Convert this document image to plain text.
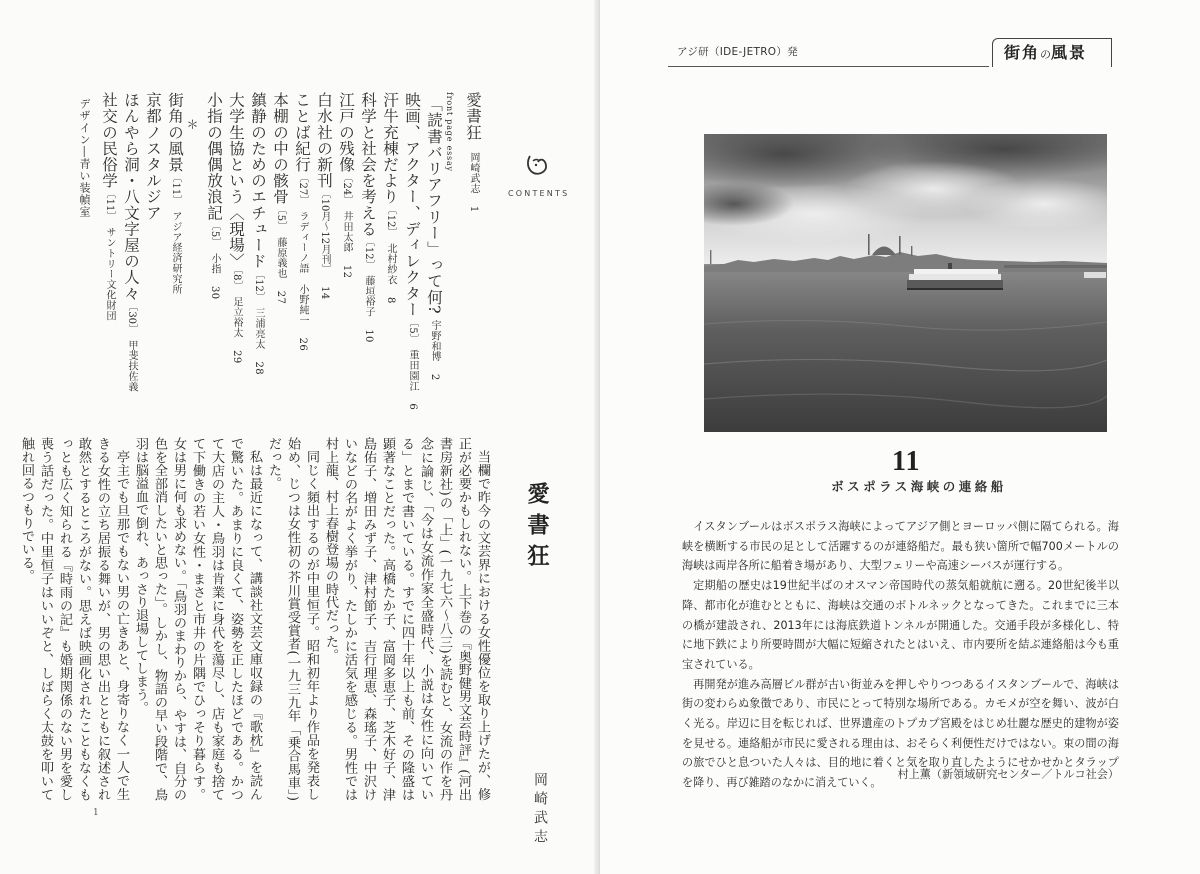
CONTENTS
愛書狂岡崎武志1
front page essay
「読書バリアフリー」って何?宇野和博2
映画、アクター、ディレクター〔5〕重田園江6
汗牛充棟だより〔12〕北村紗衣8
科学と社会を考える〔12〕藤垣裕子10
江戸の残像〔24〕井田太郎12
白水社の新刊〔10月〜12月刊〕14
ことば紀行〔27〕ラディーノ語　小野純一26
本棚の中の骸骨〔5〕藤原義也27
鎮静のためのエチュード〔12〕三浦亮太28
大学生協という〈現場〉〔8〕足立裕太29
小指の偶偶放浪記〔5〕小指30
＊
街角の風景〔11〕アジア経済研究所
京都ノスタルジア
ほんやら洞・八文字屋の人々〔30〕甲斐扶佐義
社交の民俗学〔11〕サントリー文化財団
デザイン―青い装幀室
愛書狂
岡崎武志

当欄で昨今の文芸界における女性優位を取り上げたが、修正が必要かもしれない。上下巻の『奥野健男文芸時評』(河出書房新社)の「上」(一九七六〜八三)を読むと、女流の作を丹念に論じ、「今は女流作家全盛時代、小説は女性に向いている」とまで書いている。すでに四十年以上も前、その隆盛は顕著なことだった。高橋たか子、富岡多恵子、芝木好子、津島佑子、増田みず子、津村節子、吉行理恵、森瑤子、中沢けいなどの名がよく挙がり、たしかに活気を感じる。男性では村上龍、村上春樹登場の時代だった。

同じく頻出するのが中里恒子。昭和初年より作品を発表し始め、じつは女性初の芥川賞受賞者(一九三九年「乗合馬車」)だった。

私は最近になって、講談社文芸文庫収録の『歌枕』を読んで驚いた。あまりに良くて、姿勢を正したほどである。かつて大店の主人・鳥羽は肯業に身代を蕩尽し、店も家庭も捨てて下働きの若い女性・まさと市井の片隅でひっそり暮らす。女は男に何も求めない。「鳥羽のまわりから、やすは、自分の色を全部消したいと思った」。しかし、物語の早い段階で、鳥羽は脳溢血で倒れ、あっさり退場してしまう。

亭主でも旦那でもない男の亡きあと、身寄りなく一人で生きる女性の立ち居振る舞いが、男の思い出とともに叙述され敢然とするところがない。思えば映画化されたこともなくもっとも広く知られる『時雨の記』も婚期関係のない男を愛し喪う話だった。中里恒子はいいぞと、しばらく太鼓を叩いて触れ回るつもりでいる。

1
アジ研（IDE-JETRO）発	街角の風景
11
ボスポラス海峡の連絡船

イスタンブールはボスポラス海峡によってアジア側とヨーロッパ側に隔てられる。海峡を横断する市民の足として活躍するのが連絡船だ。最も狭い箇所で幅700メートルの海峡は両岸各所に船着き場があり、大型フェリーや高速シーバスが運行する。

定期船の歴史は19世紀半ばのオスマン帝国時代の蒸気船就航に遡る。20世紀後半以降、都市化が進むとともに、海峡は交通のボトルネックとなってきた。これまでに三本の橋が建設され、2013年には海底鉄道トンネルが開通した。交通手段が多様化し、特に地下鉄により所要時間が大幅に短縮されたとはいえ、市内要所を結ぶ連絡船は今も重宝されている。

再開発が進み高層ビル群が古い街並みを押しやりつつあるイスタンブールで、海峡は街の変わらぬ象徴であり、市民にとって特別な場所である。カモメが空を舞い、波が白く光る。岸辺に目を転じれば、世界遺産のトプカプ宮殿をはじめ壮麗な歴史的建物が姿を見せる。連絡船が市民に愛される理由は、おそらく利便性だけではない。束の間の海の旅でひと息ついた人々は、目的地に着くと気を取り直したようにせかせかとタラップを降り、再び雑踏のなかに消えていく。

村上薫（新領域研究センター／トルコ社会）
